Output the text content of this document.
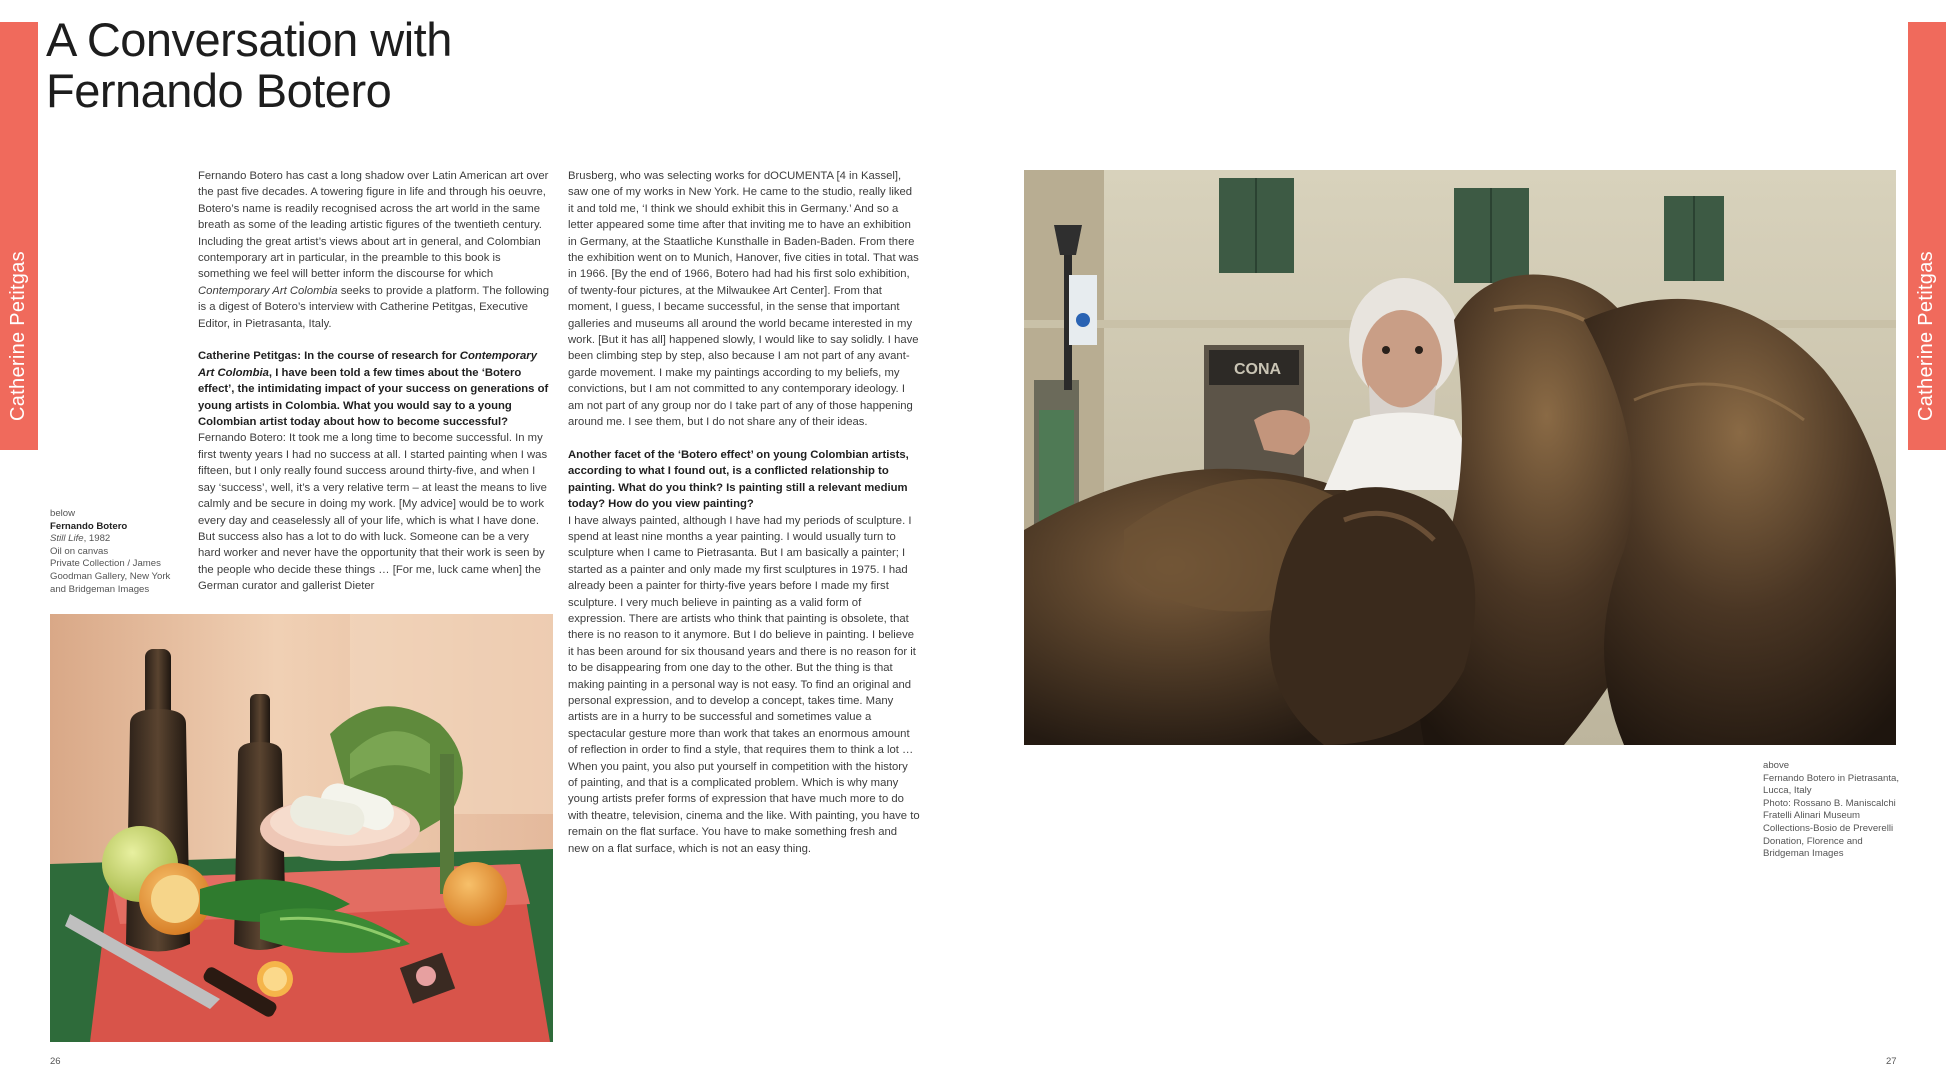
Catherine Petitgas	Catherine Petitgas
A Conversation with
Fernando Botero

Fernando Botero has cast a long shadow over Latin American art over the past five decades. A towering figure in life and through his oeuvre, Botero’s name is readily recognised across the art world in the same breath as some of the leading artistic figures of the twentieth century. Including the great artist’s views about art in general, and Colombian contemporary art in particular, in the preamble to this book is something we feel will better inform the discourse for which Contemporary Art Colombia seeks to provide a platform. The following is a digest of Botero’s interview with Catherine Petitgas, Executive Editor, in Pietrasanta, Italy.

Catherine Petitgas: In the course of research for Contemporary Art Colombia, I have been told a few times about the ‘Botero effect’, the intimidating impact of your success on generations of young artists in Colombia. What you would say to a young Colombian artist today about how to become successful?

Fernando Botero: It took me a long time to become successful. In my first twenty years I had no success at all. I started painting when I was fifteen, but I only really found success around thirty-five, and when I say ‘success’, well, it’s a very relative term – at least the means to live calmly and be secure in doing my work. [My advice] would be to work every day and ceaselessly all of your life, which is what I have done. But success also has a lot to do with luck. Someone can be a very hard worker and never have the opportunity that their work is seen by the people who decide these things … [For me, luck came when] the German curator and gallerist Dieter

Brusberg, who was selecting works for dOCUMENTA [4 in Kassel], saw one of my works in New York. He came to the studio, really liked it and told me, ‘I think we should exhibit this in Germany.’ And so a letter appeared some time after that inviting me to have an exhibition in Germany, at the Staatliche Kunsthalle in Baden-Baden. From there the exhibition went on to Munich, Hanover, five cities in total. That was in 1966. [By the end of 1966, Botero had had his first solo exhibition, of twenty-four pictures, at the Milwaukee Art Center]. From that moment, I guess, I became successful, in the sense that important galleries and museums all around the world became interested in my work. [But it has all] happened slowly, I would like to say solidly. I have been climbing step by step, also because I am not part of any avant-garde movement. I make my paintings according to my beliefs, my convictions, but I am not committed to any contemporary ideology. I am not part of any group nor do I take part of any of those happening around me. I see them, but I do not share any of their ideas.

Another facet of the ‘Botero effect’ on young Colombian artists, according to what I found out, is a conflicted relationship to painting. What do you think? Is painting still a relevant medium today? How do you view painting?

I have always painted, although I have had my periods of sculpture. I spend at least nine months a year painting. I would usually turn to sculpture when I came to Pietrasanta. But I am basically a painter; I started as a painter and only made my first sculptures in 1975. I had already been a painter for thirty-five years before I made my first sculpture. I very much believe in painting as a valid form of expression. There are artists who think that painting is obsolete, that there is no reason to it anymore. But I do believe in painting. I believe it has been around for six thousand years and there is no reason for it to be disappearing from one day to the other. But the thing is that making painting in a personal way is not easy. To find an original and personal expression, and to develop a concept, takes time. Many artists are in a hurry to be successful and sometimes value a spectacular gesture more than work that takes an enormous amount of reflection in order to find a style, that requires them to think a lot … When you paint, you also put yourself in competition with the history of painting, and that is a complicated problem. Which is why many young artists prefer forms of expression that have much more to do with theatre, television, cinema and the like. With painting, you have to remain on the flat surface. You have to make something fresh and new on a flat surface, which is not an easy thing.

below
Fernando Botero
Still Life, 1982
Oil on canvas
Private Collection / James Goodman Gallery, New York and Bridgeman Images
CONA
above
Fernando Botero in Pietrasanta, Lucca, Italy
Photo: Rossano B. Maniscalchi Fratelli Alinari Museum Collections-Bosio de Preverelli Donation, Florence and Bridgeman Images
26	27
